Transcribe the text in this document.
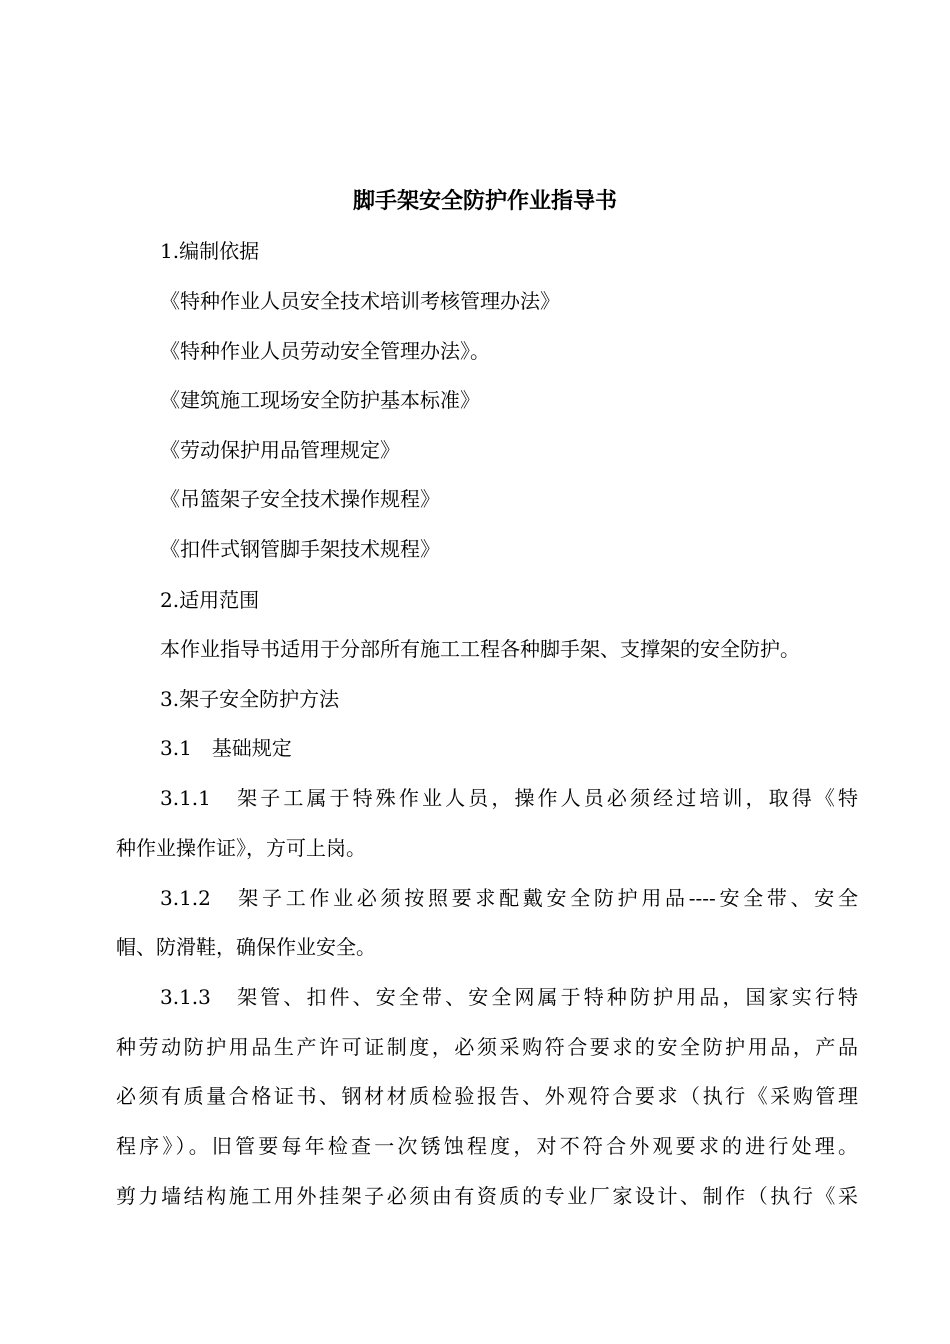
脚手架安全防护作业指导书

1.编制依据

《特种作业人员安全技术培训考核管理办法》

《特种作业人员劳动安全管理办法》。

《建筑施工现场安全防护基本标准》

《劳动保护用品管理规定》

《吊篮架子安全技术操作规程》

《扣件式钢管脚手架技术规程》

2.适用范围

本作业指导书适用于分部所有施工工程各种脚手架、支撑架的安全防护。

3.架子安全防护方法

3.1　基础规定

3.1.1　架子工属于特殊作业人员，操作人员必须经过培训，取得《特

种作业操作证》，方可上岗。

3.1.2　架子工作业必须按照要求配戴安全防护用品----安全带、安全

帽、防滑鞋，确保作业安全。

3.1.3　架管、扣件、安全带、安全网属于特种防护用品，国家实行特

种劳动防护用品生产许可证制度，必须采购符合要求的安全防护用品，产品

必须有质量合格证书、钢材材质检验报告、外观符合要求（执行《采购管理

程序》）。旧管要每年检查一次锈蚀程度，对不符合外观要求的进行处理。

剪力墙结构施工用外挂架子必须由有资质的专业厂家设计、制作（执行《采
